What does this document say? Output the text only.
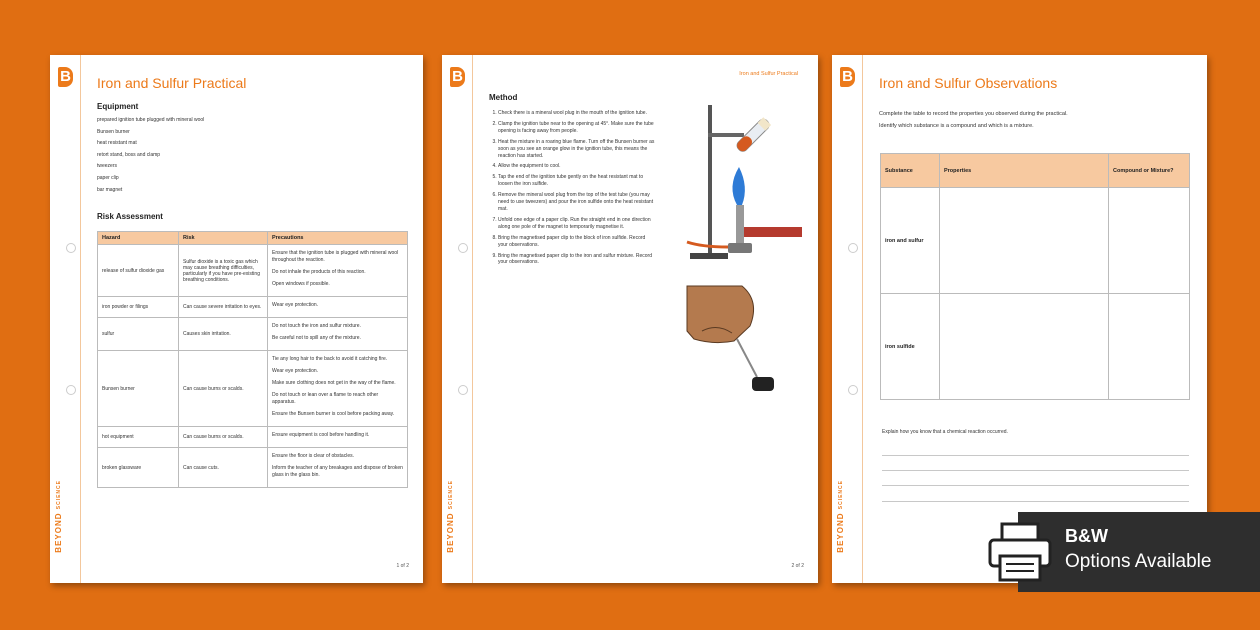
B
BEYOND SCIENCE
Iron and Sulfur Practical
Equipment
prepared ignition tube plugged with mineral wool
Bunsen burner
heat resistant mat
retort stand, boss and clamp
tweezers
paper clip
bar magnet
Risk Assessment
Hazard	Risk	Precautions
release of sulfur dioxide gas	Sulfur dioxide is a toxic gas which may cause breathing difficulties, particularly if you have pre-existing breathing conditions.	Ensure that the ignition tube is plugged with mineral wool throughout the reaction.
Do not inhale the products of this reaction.
Open windows if possible.

iron powder or filings	Can cause severe irritation to eyes.	Wear eye protection.

sulfur	Causes skin irritation.	Do not touch the iron and sulfur mixture.
Be careful not to spill any of the mixture.

Bunsen burner	Can cause burns or scalds.	Tie any long hair to the back to avoid it catching fire.
Wear eye protection.
Make sure clothing does not get in the way of the flame.
Do not touch or lean over a flame to reach other apparatus.
Ensure the Bunsen burner is cool before packing away.

hot equipment	Can cause burns or scalds.	Ensure equipment is cool before handling it.

broken glassware	Can cause cuts.	Ensure the floor is clear of obstacles.
Inform the teacher of any breakages and dispose of broken glass in the glass bin.
1 of 2
B
BEYOND SCIENCE
Iron and Sulfur Practical
Method
1. Check there is a mineral wool plug in the mouth of the ignition tube.
2. Clamp the ignition tube near to the opening at 45°. Make sure the tube opening is facing away from people.
3. Heat the mixture in a roaring blue flame. Turn off the Bunsen burner as soon as you see an orange glow in the ignition tube, this means the reaction has started.
4. Allow the equipment to cool.
5. Tap the end of the ignition tube gently on the heat resistant mat to loosen the iron sulfide.
6. Remove the mineral wool plug from the top of the test tube (you may need to use tweezers) and pour the iron sulfide onto the heat resistant mat.
7. Unfold one edge of a paper clip. Run the straight end in one direction along one pole of the magnet to temporarily magnetise it.
8. Bring the magnetised paper clip to the block of iron sulfide. Record your observations.
9. Bring the magnetised paper clip to the iron and sulfur mixture. Record your observations.
2 of 2
B
BEYOND SCIENCE
Iron and Sulfur Observations
Complete the table to record the properties you observed during the practical.
Identify which substance is a compound and which is a mixture.
Substance	Properties	Compound or Mixture?
iron and sulfur		
iron sulfide		
Explain how you know that a chemical reaction occurred.
B&W
Options Available
